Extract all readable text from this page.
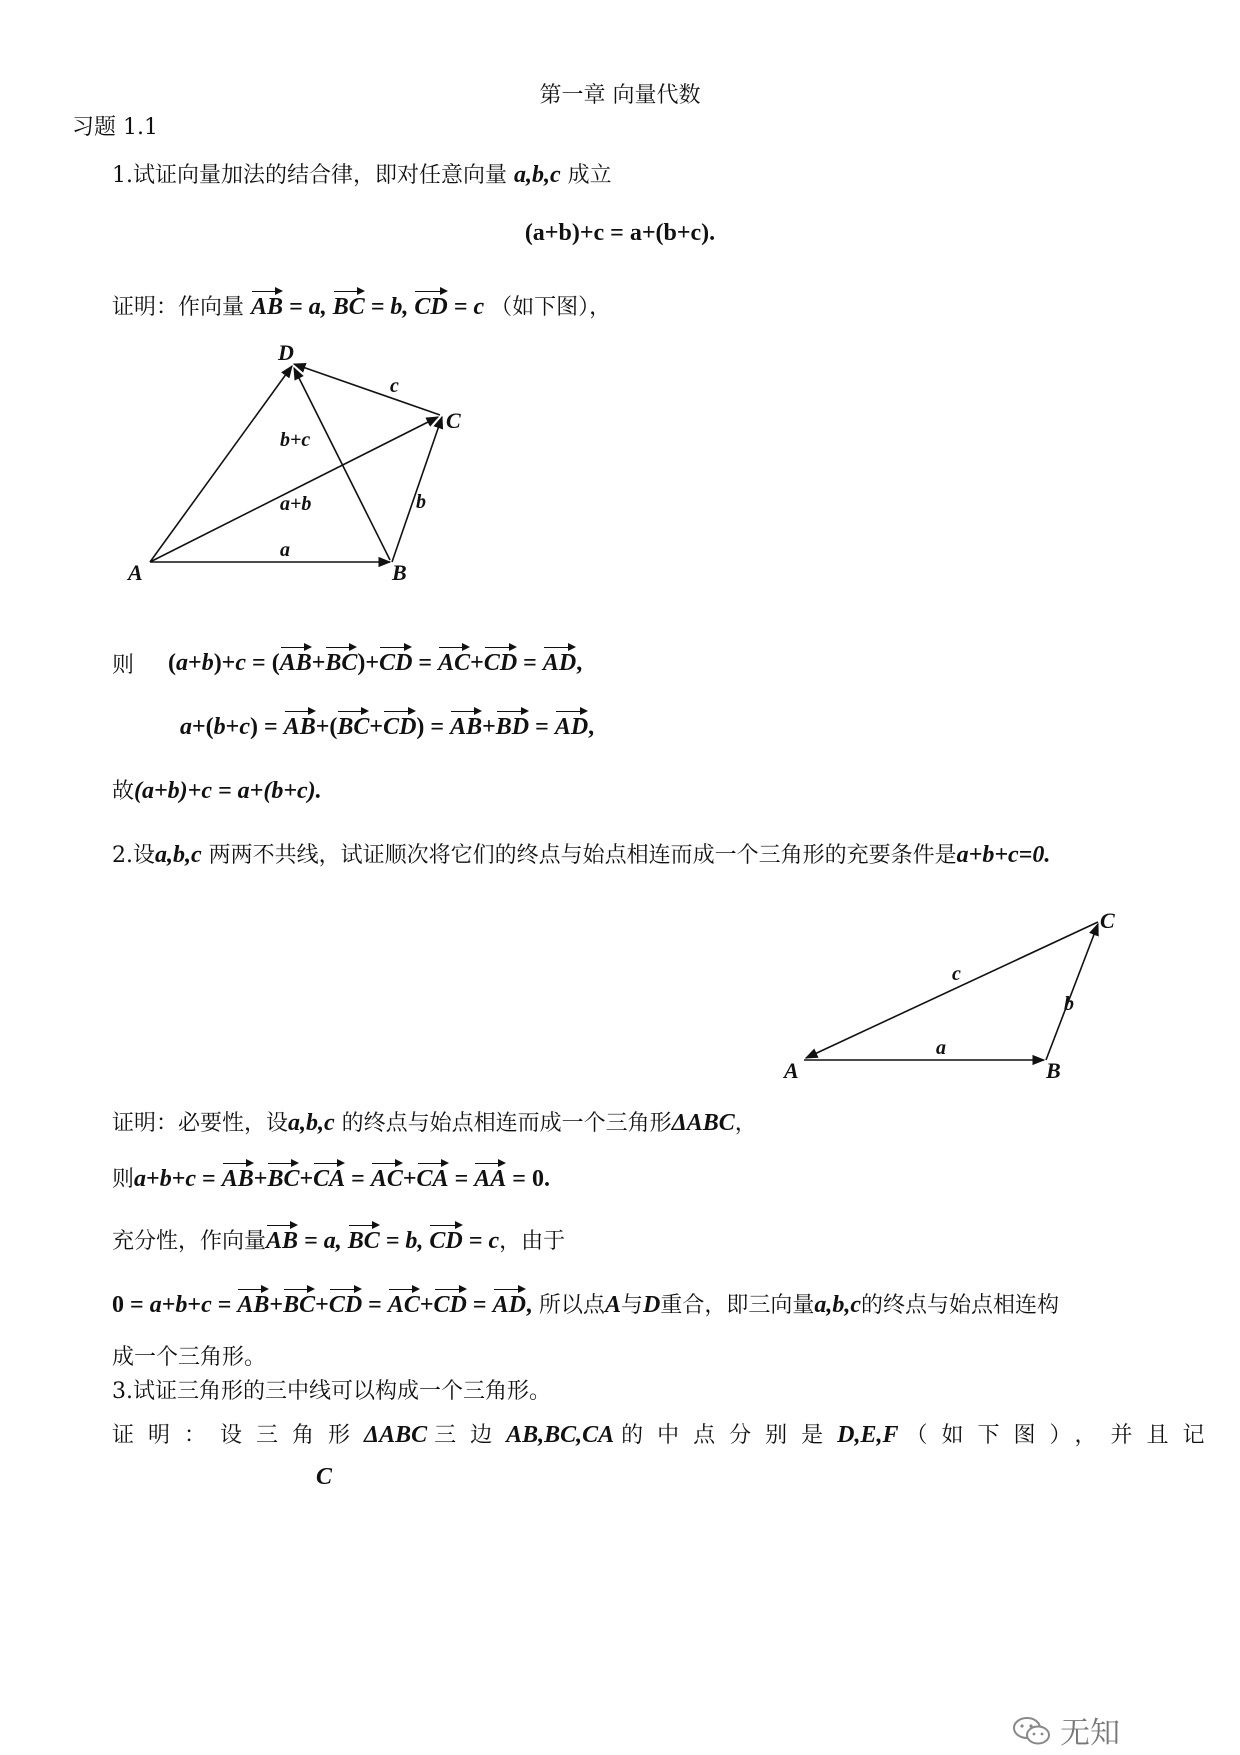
第一章 向量代数
习题 1.1
1.试证向量加法的结合律，即对任意向量 a,b,c 成立
(a+b)+c = a+(b+c).
证明：作向量 AB = a, BC = b, CD = c （如下图），
A	B
C
D
a
b
c
a+b
b+c
则 (a+b)+c = (AB+BC)+CD = AC+CD = AD,
a+(b+c) = AB+(BC+CD) = AB+BD = AD,
故(a+b)+c = a+(b+c).
2.设a,b,c 两两不共线，试证顺次将它们的终点与始点相连而成一个三角形的充要条件是a+b+c=0.
A	B
C
a
b
c
证明：必要性，设a,b,c 的终点与始点相连而成一个三角形ΔABC，
则a+b+c = AB+BC+CA = AC+CA = AA = 0.
充分性，作向量AB = a, BC = b, CD = c，由于
0 = a+b+c = AB+BC+CD = AC+CD = AD, 所以点A与D重合，即三向量a,b,c的终点与始点相连构
成一个三角形。
3.试证三角形的三中线可以构成一个三角形。
证明：设三角形ΔABC 三边AB,BC,CA 的中点分别是D,E,F （如下图），并且记
C
无知
